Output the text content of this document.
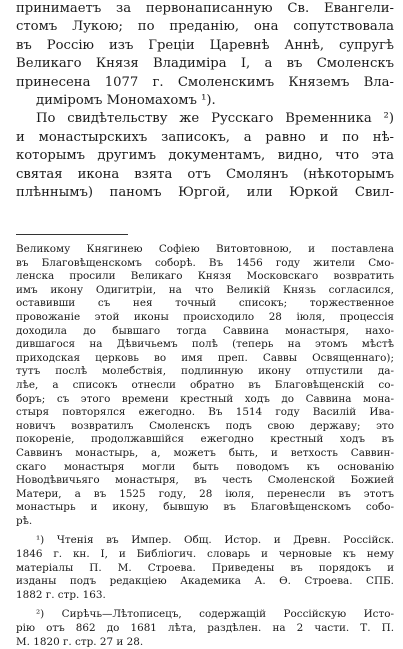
принимаетъ за первонаписанную Св. Евангели-
стомъ Лукою; по преданію, она сопутствовала
въ Россію изъ Греціи Царевнѣ Аннѣ, супругѣ
Великаго Князя Владиміра I, а въ Смоленскъ
принесена 1077 г. Смоленскимъ Княземъ Вла-
диміромъ Мономахомъ ¹).
По свидѣтельству же Русскаго Временника ²)
и монастырскихъ записокъ, а равно и по нѣ-
которымъ другимъ документамъ, видно, что эта
святая икона взята отъ Смолянъ (нѣкоторымъ
плѣннымъ) паномъ Юргой, или Юркой Свил-
Великому Княгинею Софіею Витовтовною, и поставлена
въ Благовѣщенскомъ соборѣ. Въ 1456 году жители Смо-
ленска просили Великаго Князя Московскаго возвратить
имъ икону Одигитріи, на что Великій Князь согласился,
оставивши съ нея точный списокъ; торжественное
провожаніе этой иконы происходило 28 іюля, процессія
доходила до бывшаго тогда Саввина монастыря, нахо-
дившагося на Дѣвичьемъ полѣ (теперь на этомъ мѣстѣ
приходская церковь во имя преп. Саввы Освященнаго);
тутъ послѣ молебствія, подлинную икону отпустили да-
лѣе, а списокъ отнесли обратно въ Благовѣщенскій со-
боръ; съ этого времени крестный ходъ до Саввина мона-
стыря повторялся ежегодно. Въ 1514 году Василій Ива-
новичъ возвратилъ Смоленскъ подъ свою державу; это
покореніе, продолжавшійся ежегодно крестный ходъ въ
Саввинъ монастырь, а, можетъ быть, и ветхость Саввин-
скаго монастыря могли быть поводомъ къ основанію
Новодѣвичьяго монастыря, въ честь Смоленской Божией
Матери, а въ 1525 году, 28 іюля, перенесли въ этотъ
монастырь и икону, бывшую въ Благовѣщенскомъ собо-
рѣ.
¹) Чтенія въ Импер. Общ. Истор. и Древн. Россійск.
1846 г. кн. I, и Библіогич. словарь и черновые къ нему
матеріалы П. М. Строева. Приведены въ порядокъ и
изданы подъ редакціею Академика А. Ѳ. Строева. СПБ.
1882 г. стр. 163.
²) Сирѣчь—Лѣтописецъ, содержащій Россійскую Исто-
рію отъ 862 до 1681 лѣта, раздѣлен. на 2 части. Т. П.
М. 1820 г. стр. 27 и 28.
